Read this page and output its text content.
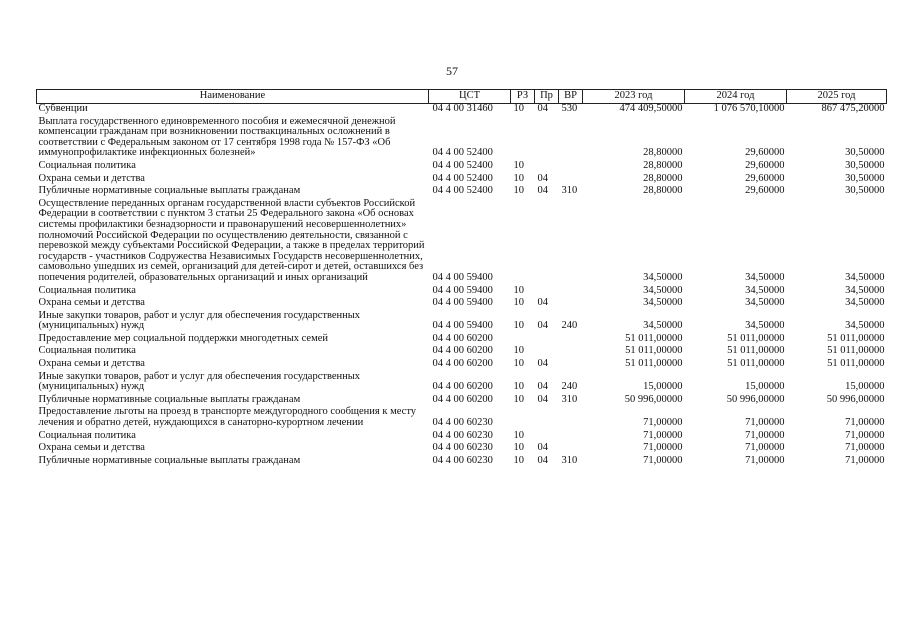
57
Наименование	ЦСТ	РЗ	Пр	ВР	2023 год	2024 год	2025 год
Субвенции	04 4 00 31460	10	04	530	474 409,50000	1 076 570,10000	867 475,20000
Выплата государственного единовременного пособия и ежемесячной денежной компенсации гражданам при возникновении поствакцинальных осложнений в соответствии с Федеральным законом от 17 сентября 1998 года № 157-ФЗ «Об иммунопрофилактике инфекционных болезней»	04 4 00 52400				28,80000	29,60000	30,50000
Социальная политика	04 4 00 52400	10			28,80000	29,60000	30,50000
Охрана семьи и детства	04 4 00 52400	10	04		28,80000	29,60000	30,50000
Публичные нормативные социальные выплаты гражданам	04 4 00 52400	10	04	310	28,80000	29,60000	30,50000
Осуществление переданных органам государственной власти субъектов Российской Федерации в соответствии с пунктом 3 статьи 25 Федерального закона «Об основах системы профилактики безнадзорности и правонарушений несовершеннолетних» полномочий Российской Федерации по осуществлению деятельности, связанной с перевозкой между субъектами Российской Федерации, а также в пределах территорий государств - участников Содружества Независимых Государств несовершеннолетних, самовольно ушедших из семей, организаций для детей-сирот и детей, оставшихся без попечения родителей, образовательных организаций и иных организаций	04 4 00 59400				34,50000	34,50000	34,50000
Социальная политика	04 4 00 59400	10			34,50000	34,50000	34,50000
Охрана семьи и детства	04 4 00 59400	10	04		34,50000	34,50000	34,50000
Иные закупки товаров, работ и услуг для обеспечения государственных (муниципальных) нужд	04 4 00 59400	10	04	240	34,50000	34,50000	34,50000
Предоставление мер социальной поддержки многодетных семей	04 4 00 60200				51 011,00000	51 011,00000	51 011,00000
Социальная политика	04 4 00 60200	10			51 011,00000	51 011,00000	51 011,00000
Охрана семьи и детства	04 4 00 60200	10	04		51 011,00000	51 011,00000	51 011,00000
Иные закупки товаров, работ и услуг для обеспечения государственных (муниципальных) нужд	04 4 00 60200	10	04	240	15,00000	15,00000	15,00000
Публичные нормативные социальные выплаты гражданам	04 4 00 60200	10	04	310	50 996,00000	50 996,00000	50 996,00000
Предоставление льготы на проезд в транспорте междугородного сообщения к месту лечения и обратно детей, нуждающихся в санаторно-курортном лечении	04 4 00 60230				71,00000	71,00000	71,00000
Социальная политика	04 4 00 60230	10			71,00000	71,00000	71,00000
Охрана семьи и детства	04 4 00 60230	10	04		71,00000	71,00000	71,00000
Публичные нормативные социальные выплаты гражданам	04 4 00 60230	10	04	310	71,00000	71,00000	71,00000
